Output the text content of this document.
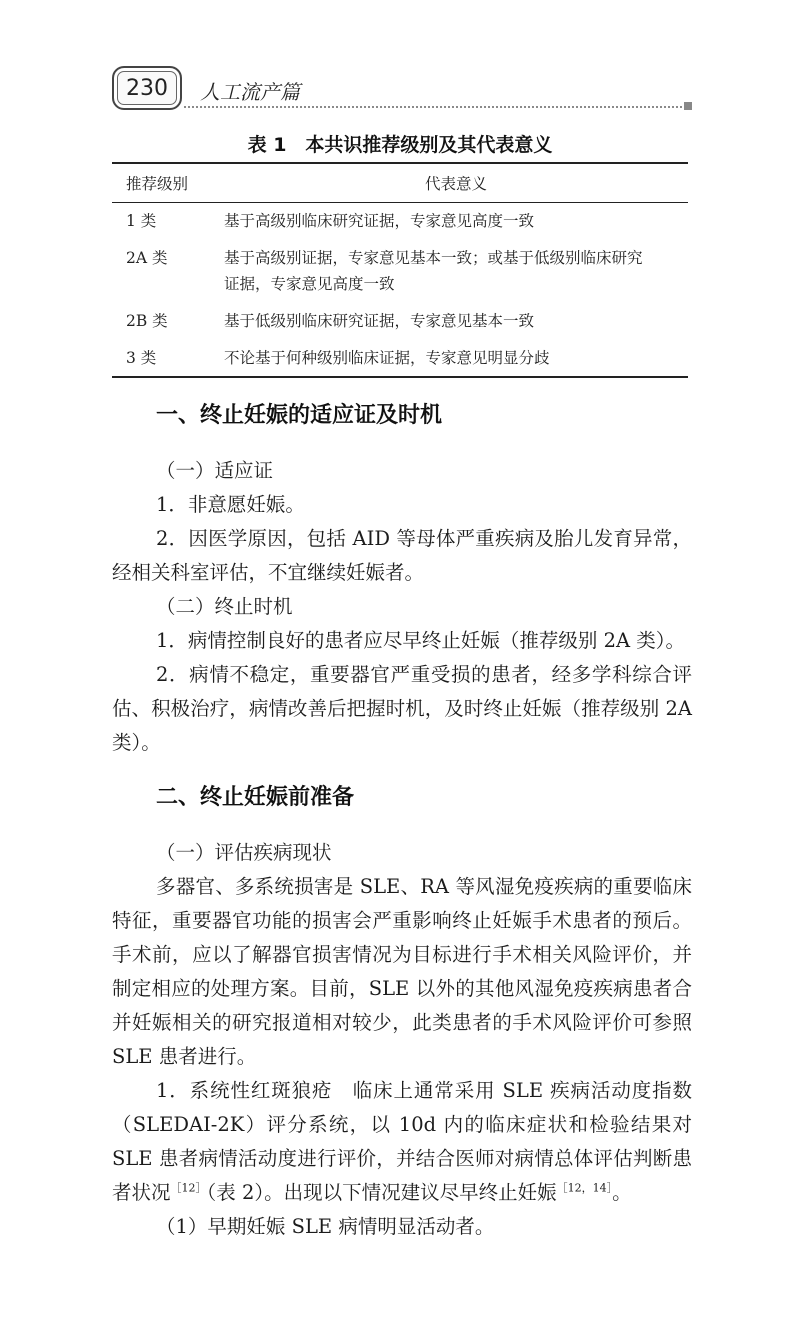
230	人工流产篇
表 1　本共识推荐级别及其代表意义
推荐级别	代表意义
1 类	基于高级别临床研究证据，专家意见高度一致
2A 类	基于高级别证据，专家意见基本一致；或基于低级别临床研究证据，专家意见高度一致
2B 类	基于低级别临床研究证据，专家意见基本一致
3 类	不论基于何种级别临床证据，专家意见明显分歧
一、终止妊娠的适应证及时机
（一）适应证

1．非意愿妊娠。

2．因医学原因，包括 AID 等母体严重疾病及胎儿发育异常，经相关科室评估，不宜继续妊娠者。

（二）终止时机

1．病情控制良好的患者应尽早终止妊娠（推荐级别 2A 类）。

2．病情不稳定，重要器官严重受损的患者，经多学科综合评估、积极治疗，病情改善后把握时机，及时终止妊娠（推荐级别 2A 类）。

二、终止妊娠前准备
（一）评估疾病现状

多器官、多系统损害是 SLE、RA 等风湿免疫疾病的重要临床特征，重要器官功能的损害会严重影响终止妊娠手术患者的预后。手术前，应以了解器官损害情况为目标进行手术相关风险评价，并制定相应的处理方案。目前，SLE 以外的其他风湿免疫疾病患者合并妊娠相关的研究报道相对较少，此类患者的手术风险评价可参照 SLE 患者进行。

1．系统性红斑狼疮　临床上通常采用 SLE 疾病活动度指数（SLEDAI-2K）评分系统，以 10d 内的临床症状和检验结果对 SLE 患者病情活动度进行评价，并结合医师对病情总体评估判断患者状况$^{[12]}$（表 2）。出现以下情况建议尽早终止妊娠$^{[12,14]}$。

（1）早期妊娠 SLE 病情明显活动者。
